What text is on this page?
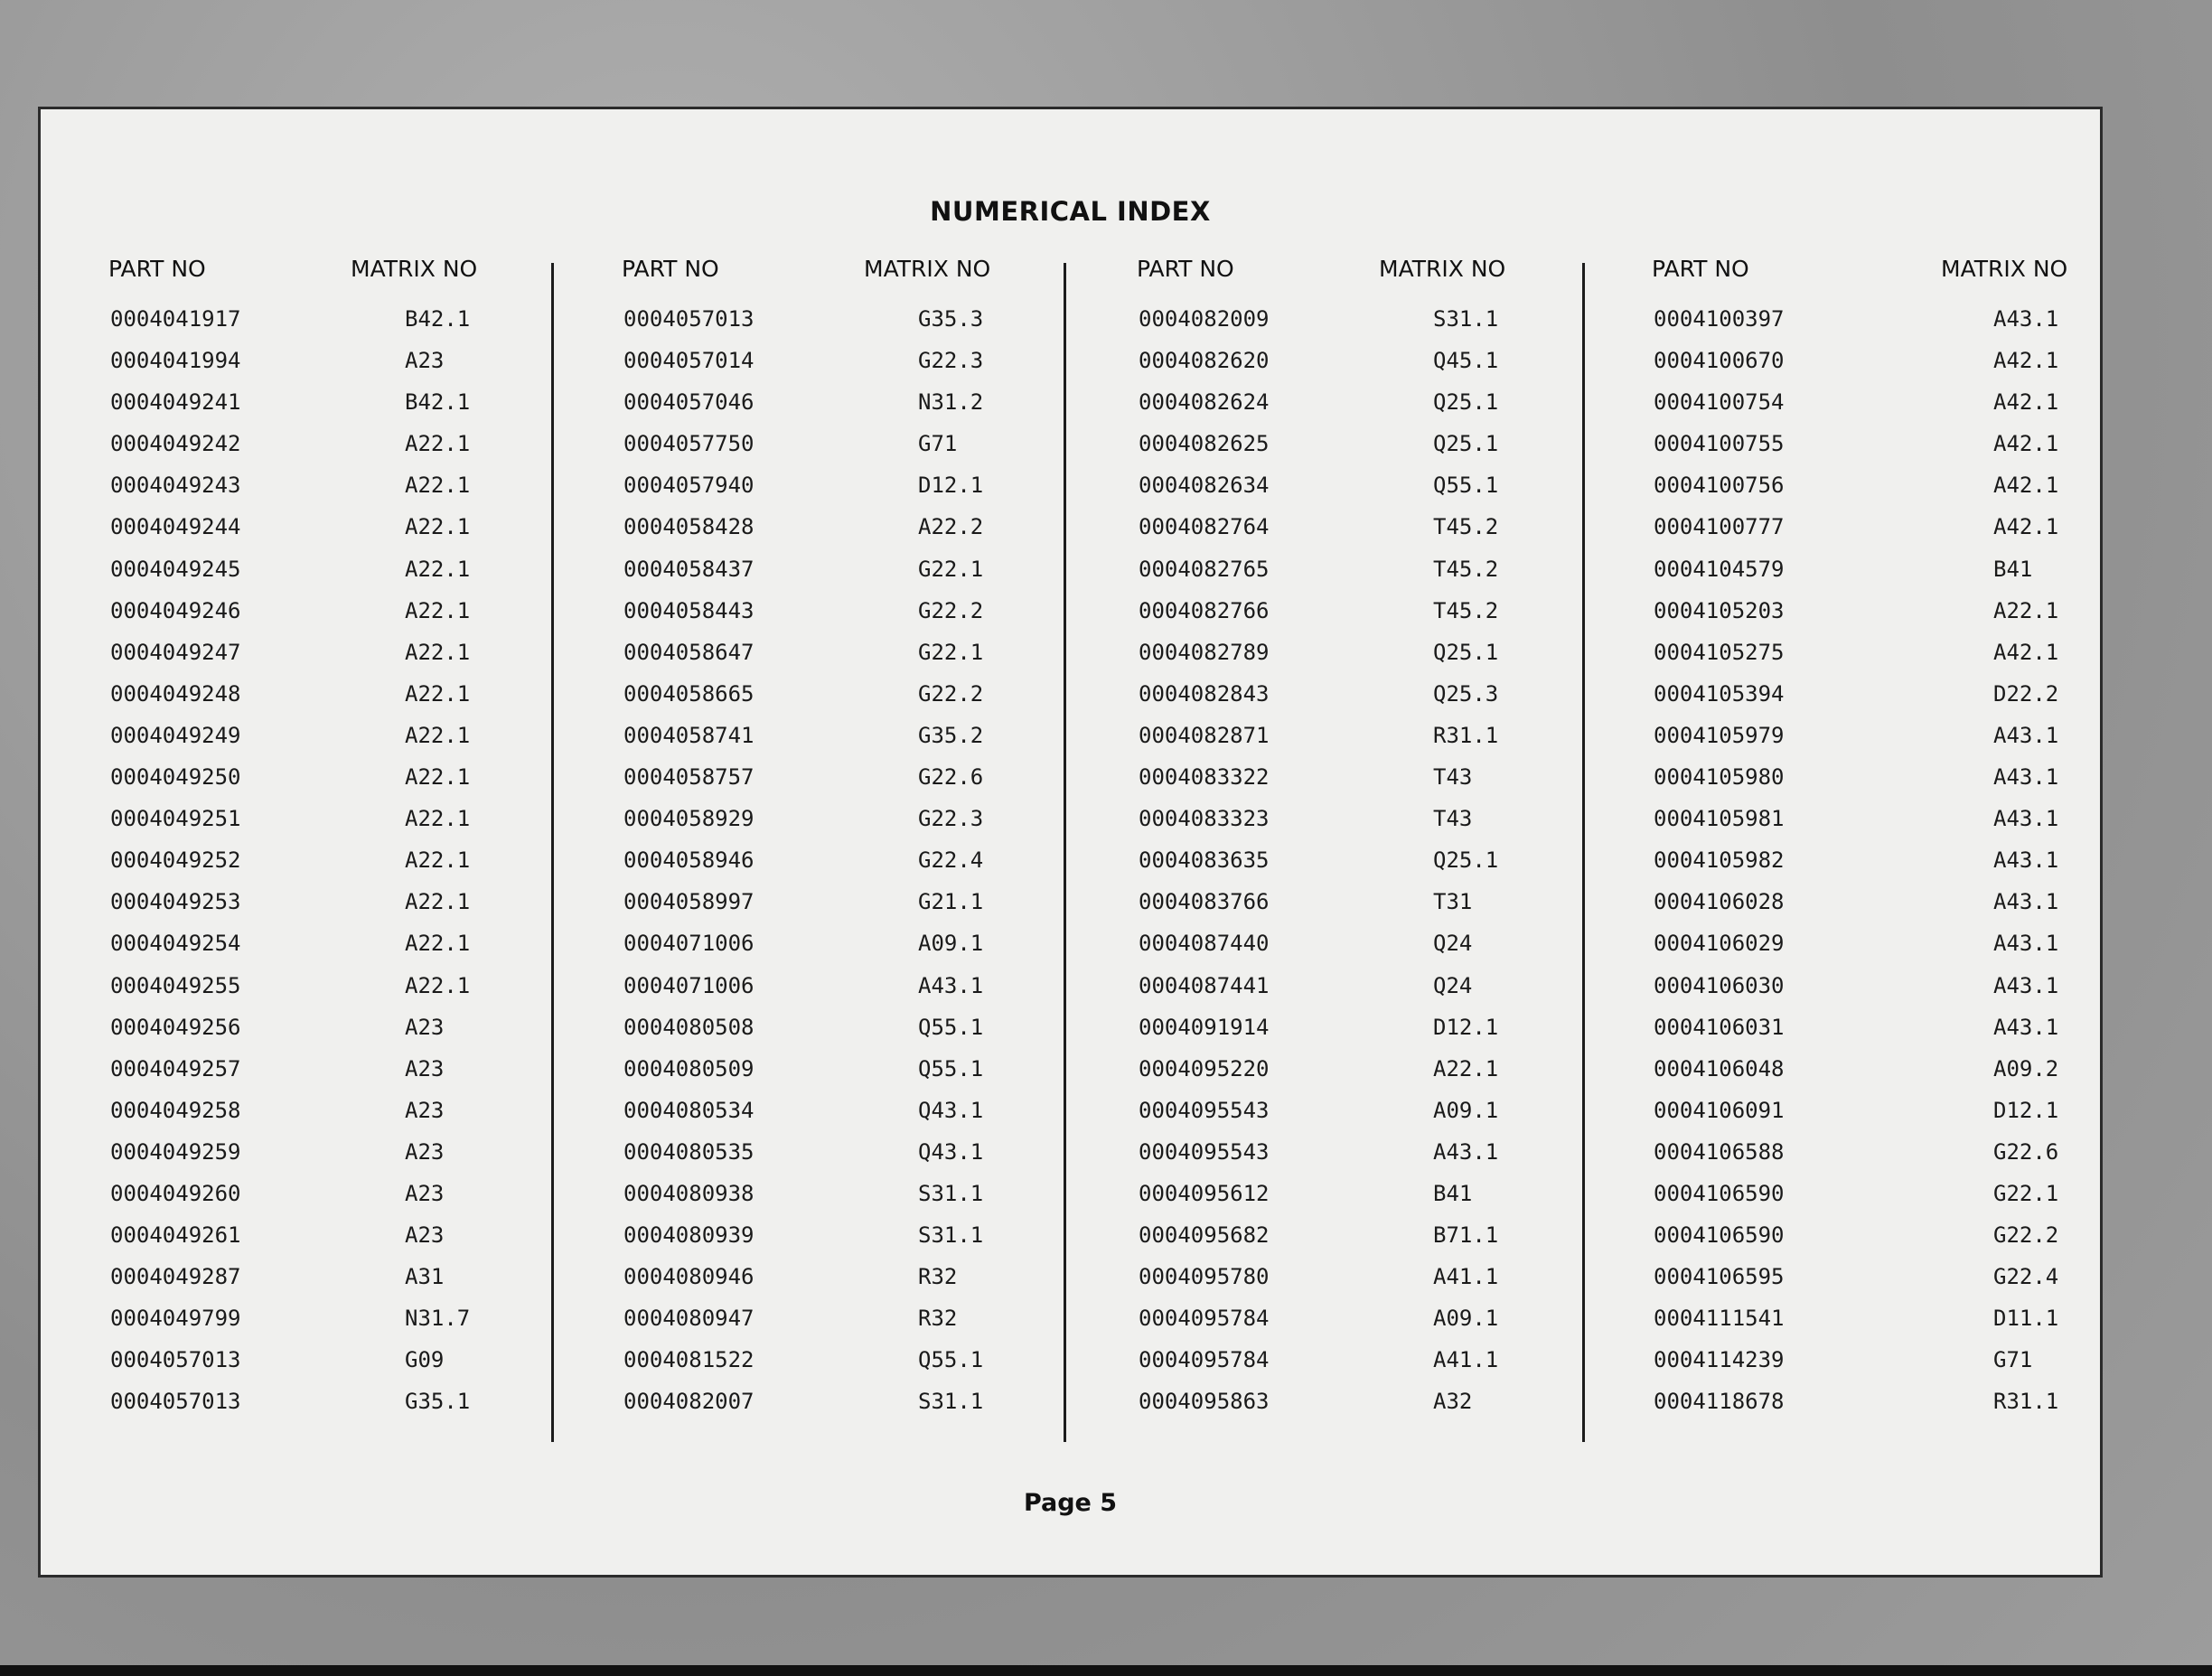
NUMERICAL INDEX
PART NO	MATRIX NO
0004041917	B42.1
0004041994	A23
0004049241	B42.1
0004049242	A22.1
0004049243	A22.1
0004049244	A22.1
0004049245	A22.1
0004049246	A22.1
0004049247	A22.1
0004049248	A22.1
0004049249	A22.1
0004049250	A22.1
0004049251	A22.1
0004049252	A22.1
0004049253	A22.1
0004049254	A22.1
0004049255	A22.1
0004049256	A23
0004049257	A23
0004049258	A23
0004049259	A23
0004049260	A23
0004049261	A23
0004049287	A31
0004049799	N31.7
0004057013	G09
0004057013	G35.1
PART NO	MATRIX NO
0004057013	G35.3
0004057014	G22.3
0004057046	N31.2
0004057750	G71
0004057940	D12.1
0004058428	A22.2
0004058437	G22.1
0004058443	G22.2
0004058647	G22.1
0004058665	G22.2
0004058741	G35.2
0004058757	G22.6
0004058929	G22.3
0004058946	G22.4
0004058997	G21.1
0004071006	A09.1
0004071006	A43.1
0004080508	Q55.1
0004080509	Q55.1
0004080534	Q43.1
0004080535	Q43.1
0004080938	S31.1
0004080939	S31.1
0004080946	R32
0004080947	R32
0004081522	Q55.1
0004082007	S31.1
PART NO	MATRIX NO
0004082009	S31.1
0004082620	Q45.1
0004082624	Q25.1
0004082625	Q25.1
0004082634	Q55.1
0004082764	T45.2
0004082765	T45.2
0004082766	T45.2
0004082789	Q25.1
0004082843	Q25.3
0004082871	R31.1
0004083322	T43
0004083323	T43
0004083635	Q25.1
0004083766	T31
0004087440	Q24
0004087441	Q24
0004091914	D12.1
0004095220	A22.1
0004095543	A09.1
0004095543	A43.1
0004095612	B41
0004095682	B71.1
0004095780	A41.1
0004095784	A09.1
0004095784	A41.1
0004095863	A32
PART NO	MATRIX NO
0004100397	A43.1
0004100670	A42.1
0004100754	A42.1
0004100755	A42.1
0004100756	A42.1
0004100777	A42.1
0004104579	B41
0004105203	A22.1
0004105275	A42.1
0004105394	D22.2
0004105979	A43.1
0004105980	A43.1
0004105981	A43.1
0004105982	A43.1
0004106028	A43.1
0004106029	A43.1
0004106030	A43.1
0004106031	A43.1
0004106048	A09.2
0004106091	D12.1
0004106588	G22.6
0004106590	G22.1
0004106590	G22.2
0004106595	G22.4
0004111541	D11.1
0004114239	G71
0004118678	R31.1
Page 5
